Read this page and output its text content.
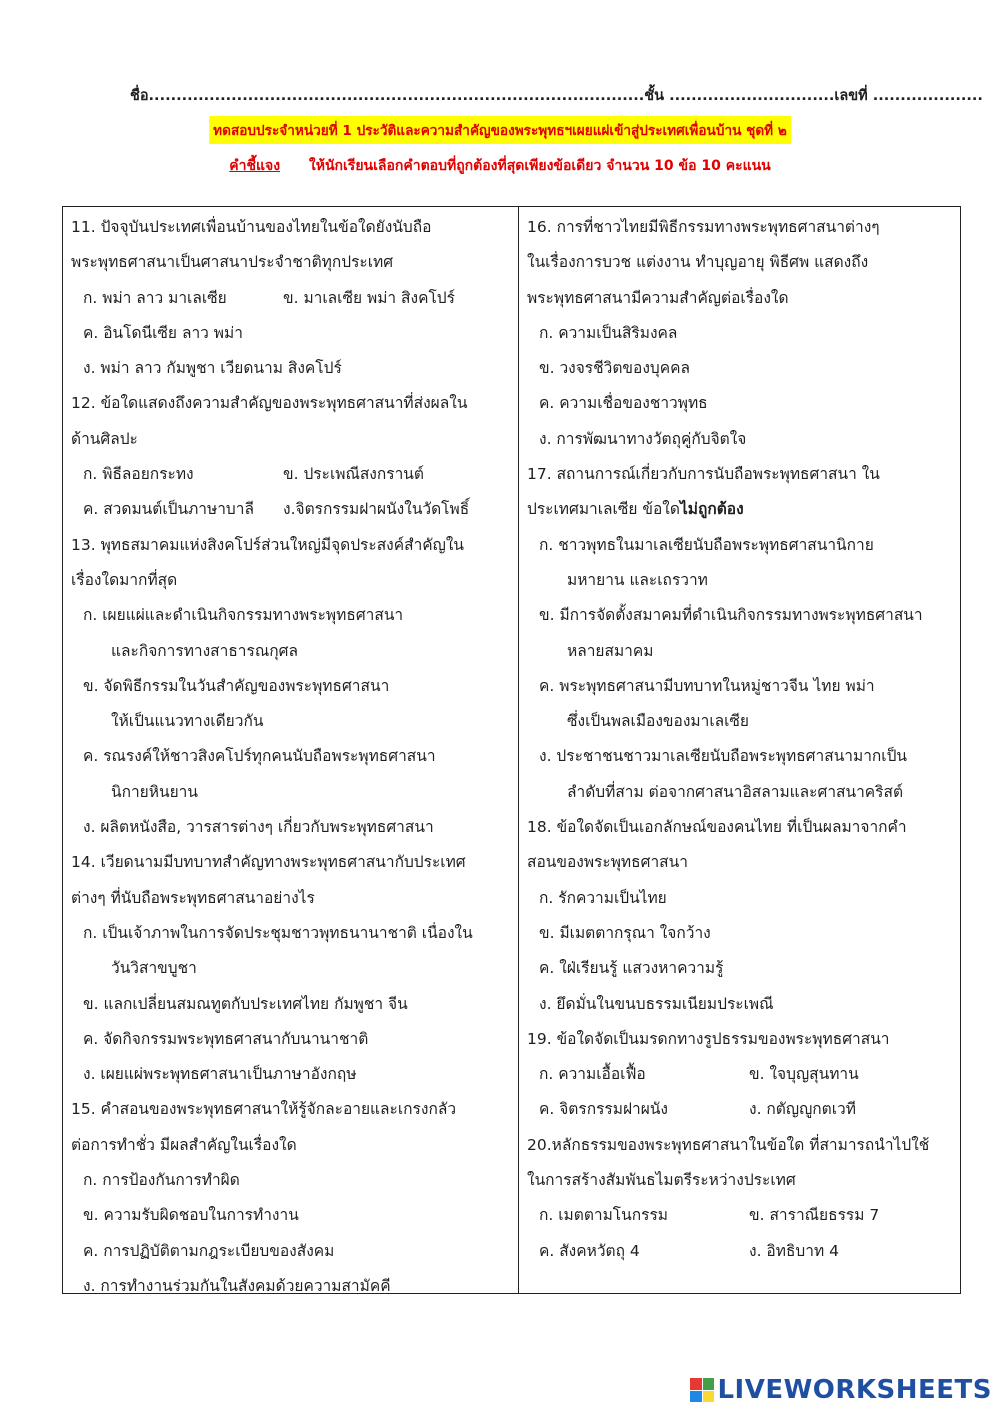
ชื่อ.......................................................................................... ชั้น .............................. เลขที่ ....................
ทดสอบประจำหน่วยที่ 1 ประวัติและความสำคัญของพระพุทธฯเผยแผ่เข้าสู่ประเทศเพื่อนบ้าน ชุดที่ ๒
คำชี้แจง ให้นักเรียนเลือกคำตอบที่ถูกต้องที่สุดเพียงข้อเดียว จำนวน 10 ข้อ 10 คะแนน
11. ปัจจุบันประเทศเพื่อนบ้านของไทยในข้อใดยังนับถือ
พระพุทธศาสนาเป็นศาสนาประจำชาติทุกประเทศ
ก. พม่า ลาว มาเลเซีย	ข. มาเลเซีย พม่า สิงคโปร์
ค. อินโดนีเซีย ลาว พม่า
ง. พม่า ลาว กัมพูชา เวียดนาม สิงคโปร์
12. ข้อใดแสดงถึงความสำคัญของพระพุทธศาสนาที่ส่งผลใน
ด้านศิลปะ
ก. พิธีลอยกระทง	ข. ประเพณีสงกรานต์
ค. สวดมนต์เป็นภาษาบาลี	ง.จิตรกรรมฝาผนังในวัดโพธิ์
13. พุทธสมาคมแห่งสิงคโปร์ส่วนใหญ่มีจุดประสงค์สำคัญใน
เรื่องใดมากที่สุด
ก. เผยแผ่และดำเนินกิจกรรมทางพระพุทธศาสนา
และกิจการทางสาธารณกุศล
ข. จัดพิธีกรรมในวันสำคัญของพระพุทธศาสนา
ให้เป็นแนวทางเดียวกัน
ค. รณรงค์ให้ชาวสิงคโปร์ทุกคนนับถือพระพุทธศาสนา
นิกายหินยาน
ง. ผลิตหนังสือ, วารสารต่างๆ เกี่ยวกับพระพุทธศาสนา
14. เวียดนามมีบทบาทสำคัญทางพระพุทธศาสนากับประเทศ
ต่างๆ ที่นับถือพระพุทธศาสนาอย่างไร
ก. เป็นเจ้าภาพในการจัดประชุมชาวพุทธนานาชาติ เนื่องใน
วันวิสาขบูชา
ข. แลกเปลี่ยนสมณทูตกับประเทศไทย กัมพูชา จีน
ค. จัดกิจกรรมพระพุทธศาสนากับนานาชาติ
ง. เผยแผ่พระพุทธศาสนาเป็นภาษาอังกฤษ
15. คำสอนของพระพุทธศาสนาให้รู้จักละอายและเกรงกลัว
ต่อการทำชั่ว มีผลสำคัญในเรื่องใด
ก. การป้องกันการทำผิด
ข. ความรับผิดชอบในการทำงาน
ค. การปฏิบัติตามกฎระเบียบของสังคม
ง. การทำงานร่วมกันในสังคมด้วยความสามัคคี
16. การที่ชาวไทยมีพิธีกรรมทางพระพุทธศาสนาต่างๆ
ในเรื่องการบวช แต่งงาน ทำบุญอายุ พิธีศพ แสดงถึง
พระพุทธศาสนามีความสำคัญต่อเรื่องใด
ก. ความเป็นสิริมงคล
ข. วงจรชีวิตของบุคคล
ค. ความเชื่อของชาวพุทธ
ง. การพัฒนาทางวัตถุคู่กับจิตใจ
17. สถานการณ์เกี่ยวกับการนับถือพระพุทธศาสนา ใน
ประเทศมาเลเซีย ข้อใดไม่ถูกต้อง
ก. ชาวพุทธในมาเลเซียนับถือพระพุทธศาสนานิกาย
มหายาน และเถรวาท
ข. มีการจัดตั้งสมาคมที่ดำเนินกิจกรรมทางพระพุทธศาสนา
หลายสมาคม
ค. พระพุทธศาสนามีบทบาทในหมู่ชาวจีน ไทย พม่า
ซึ่งเป็นพลเมืองของมาเลเซีย
ง. ประชาชนชาวมาเลเซียนับถือพระพุทธศาสนามากเป็น
ลำดับที่สาม ต่อจากศาสนาอิสลามและศาสนาคริสต์
18. ข้อใดจัดเป็นเอกลักษณ์ของคนไทย ที่เป็นผลมาจากคำ
สอนของพระพุทธศาสนา
ก. รักความเป็นไทย
ข. มีเมตตากรุณา ใจกว้าง
ค. ใฝ่เรียนรู้ แสวงหาความรู้
ง. ยึดมั่นในขนบธรรมเนียมประเพณี
19. ข้อใดจัดเป็นมรดกทางรูปธรรมของพระพุทธศาสนา
ก. ความเอื้อเฟื้อ	ข. ใจบุญสุนทาน
ค. จิตรกรรมฝาผนัง	ง. กตัญญูกตเวที
20.หลักธรรมของพระพุทธศาสนาในข้อใด ที่สามารถนำไปใช้
ในการสร้างสัมพันธไมตรีระหว่างประเทศ
ก. เมตตามโนกรรม	ข. สาราณียธรรม 7
ค. สังคหวัตถุ 4	ง. อิทธิบาท 4
LIVEWORKSHEETS
